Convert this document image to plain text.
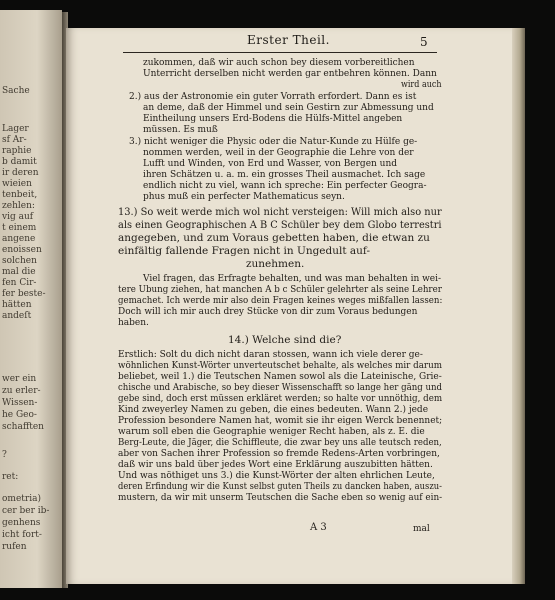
Sache
Lager
sf Ar-
raphie
b damit
ir deren
wieien
tenbeit,
zehlen:
vig auf
t einem
angene
enoissen
solchen
mal die
fen Cir-
fer beste-
hätten
andeſt
wer ein
zu erler-
Wissen-
he Geo-
schafften
?
ret:
ometria)
cer ber ib-
genhens
icht fort-
rufen
Erster Theil.	5
zukommen, daß wir auch schon bey diesem vorbereitlichen
Unterricht derselben nicht werden gar entbehren können. Dann
wird auch
2.) aus der Astronomie ein guter Vorrath erfordert. Dann es ist
an deme, daß der Himmel und sein Gestirn zur Abmessung und
Eintheilung unsers Erd-Bodens die Hülfs-Mittel angeben
müssen. Es muß
3.) nicht weniger die Physic oder die Natur-Kunde zu Hülfe ge-
nommen werden, weil in der Geographie die Lehre von der
Lufft und Winden, von Erd und Wasser, von Bergen und
ihren Schätzen u. a. m. ein grosses Theil ausmachet. Ich sage
endlich nicht zu viel, wann ich spreche: Ein perfecter Geogra-
phus muß ein perfecter Mathematicus seyn.
13.) So weit werde mich wol nicht versteigen: Will mich also nur
als einen Geographischen A B C Schüler bey dem Globo terrestri
angegeben, und zum Voraus gebetten haben, die etwan zu
einfältig fallende Fragen nicht in Ungedult auf-
zunehmen.
Viel fragen, das Erfragte behalten, und was man behalten in wei-
tere Ubung ziehen, hat manchen A b c Schüler gelehrter als seine Lehrer
gemachet. Ich werde mir also dein Fragen keines weges mißfallen lassen:
Doch will ich mir auch drey Stücke von dir zum Voraus bedungen
haben.
14.) Welche sind die?
Erstlich: Solt du dich nicht daran stossen, wann ich viele derer ge-
wöhnlichen Kunst-Wörter unverteutschet behalte, als welches mir darum
beliebet, weil 1.) die Teutschen Namen sowol als die Lateinische, Grie-
chische und Arabische, so bey dieser Wissenschafft so lange her gäng und
gebe sind, doch erst müssen erkläret werden; so halte vor unnöthig, dem
Kind zweyerley Namen zu geben, die eines bedeuten. Wann 2.) jede
Profession besondere Namen hat, womit sie ihr eigen Werck benennet;
warum soll eben die Geographie weniger Recht haben, als z. E. die
Berg-Leute, die Jäger, die Schiffleute, die zwar bey uns alle teutsch reden,
aber von Sachen ihrer Profession so fremde Redens-Arten vorbringen,
daß wir uns bald über jedes Wort eine Erklärung auszubitten hätten.
Und was nöthiget uns 3.) die Kunst-Wörter der alten ehrlichen Leute,
deren Erfindung wir die Kunst selbst guten Theils zu dancken haben, auszu-
mustern, da wir mit unserm Teutschen die Sache eben so wenig auf ein-
A 3	mal
